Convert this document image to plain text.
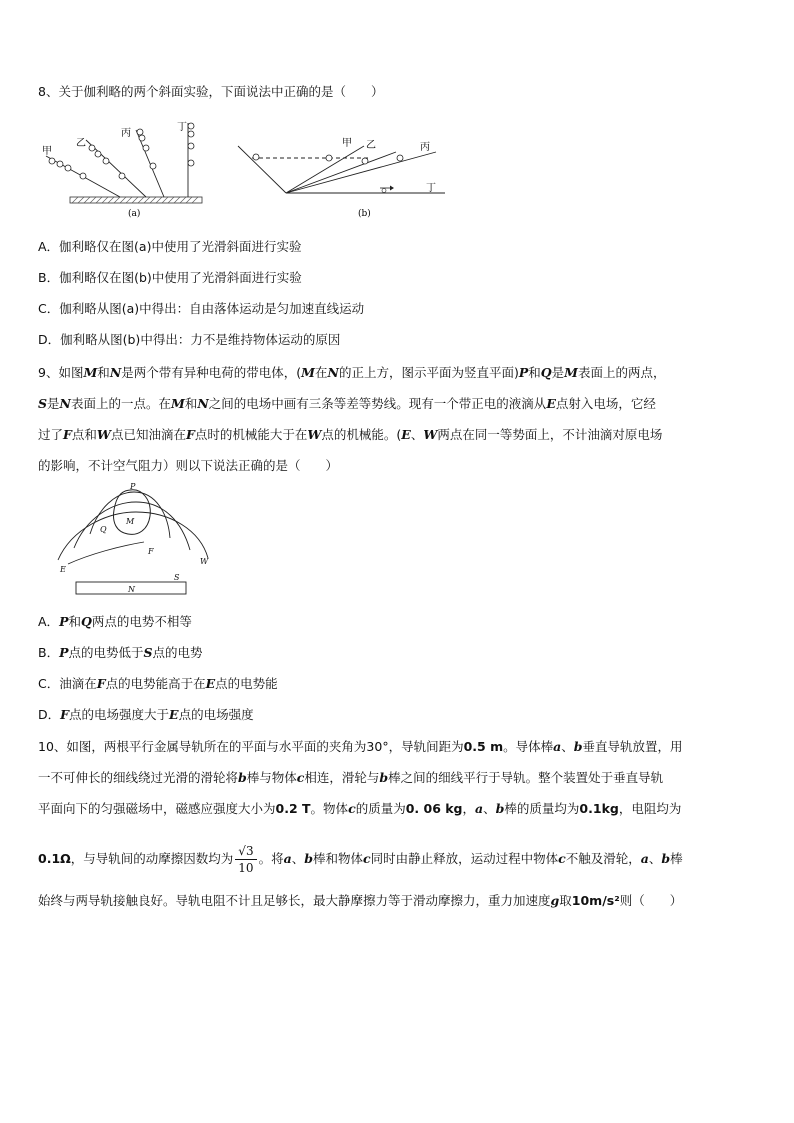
8、关于伽利略的两个斜面实验，下面说法中正确的是（　　）
甲
乙
丙
丁
(a)
甲 乙	丙
丁
(b)
A．伽利略仅在图(a)中使用了光滑斜面进行实验
B．伽利略仅在图(b)中使用了光滑斜面进行实验
C．伽利略从图(a)中得出：自由落体运动是匀加速直线运动
D．伽利略从图(b)中得出：力不是维持物体运动的原因
9、如图M和N是两个带有异种电荷的带电体，(M在N的正上方，图示平面为竖直平面)P和Q是M表面上的两点，
S是N表面上的一点。在M和N之间的电场中画有三条等差等势线。现有一个带正电的液滴从E点射入电场，它经
过了F点和W点已知油滴在F点时的机械能大于在W点的机械能。(E、W两点在同一等势面上，不计油滴对原电场
的影响，不计空气阻力）则以下说法正确的是（　　）
P
M
Q
F
E
W
S
N
A．P和Q两点的电势不相等
B．P点的电势低于S点的电势
C．油滴在F点的电势能高于在E点的电势能
D．F点的电场强度大于E点的电场强度
10、如图，两根平行金属导轨所在的平面与水平面的夹角为30°，导轨间距为0.5 m。导体棒a、b垂直导轨放置，用
一不可伸长的细线绕过光滑的滑轮将b棒与物体c相连，滑轮与b棒之间的细线平行于导轨。整个装置处于垂直导轨
平面向下的匀强磁场中，磁感应强度大小为0.2 T。物体c的质量为0. 06 kg，a、b棒的质量均为0.1kg，电阻均为
0.1Ω，与导轨间的动摩擦因数均为 $\frac{√3}{10}$ 。将a、b棒和物体c同时由静止释放，运动过程中物体c不触及滑轮，a、b棒
始终与两导轨接触良好。导轨电阻不计且足够长，最大静摩擦力等于滑动摩擦力，重力加速度g取10m/s²则（　　）
